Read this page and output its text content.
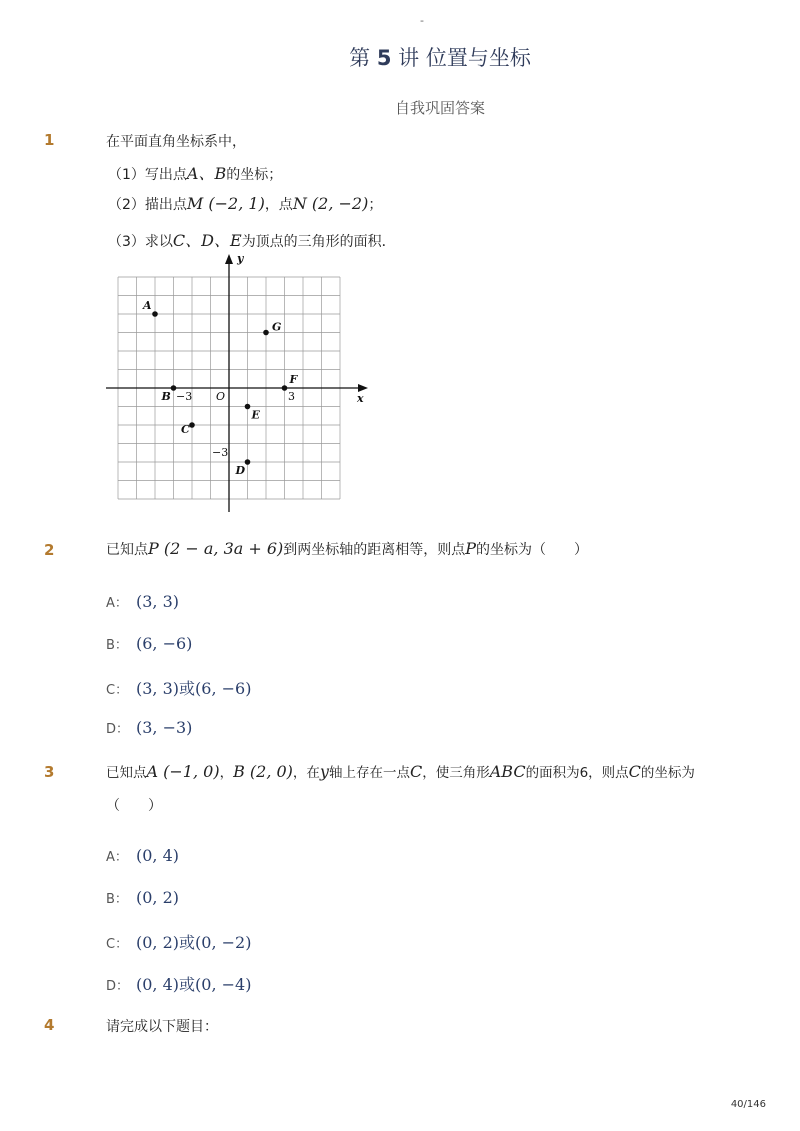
-
第 5 讲 位置与坐标
自我巩固答案
1	在平面直角坐标系中，
（1）写出点A、B的坐标；
（2）描出点M (−2, 1)，点N (2, −2)；
（3）求以C、D、E为顶点的三角形的面积．
y
x
O
−3	3
−3
A
G
F
B
E
C
D
2	已知点P (2 − a, 3a + 6)到两坐标轴的距离相等，则点P的坐标为（　　）
A： (3, 3)
B： (6, −6)
C： (3, 3)或(6, −6)
D： (3, −3)
3	已知点A (−1, 0)，B (2, 0)，在y轴上存在一点C，使三角形ABC的面积为6，则点C的坐标为
（　　）
A： (0, 4)
B： (0, 2)
C： (0, 2)或(0, −2)
D： (0, 4)或(0, −4)
4	请完成以下题目：
40/146
